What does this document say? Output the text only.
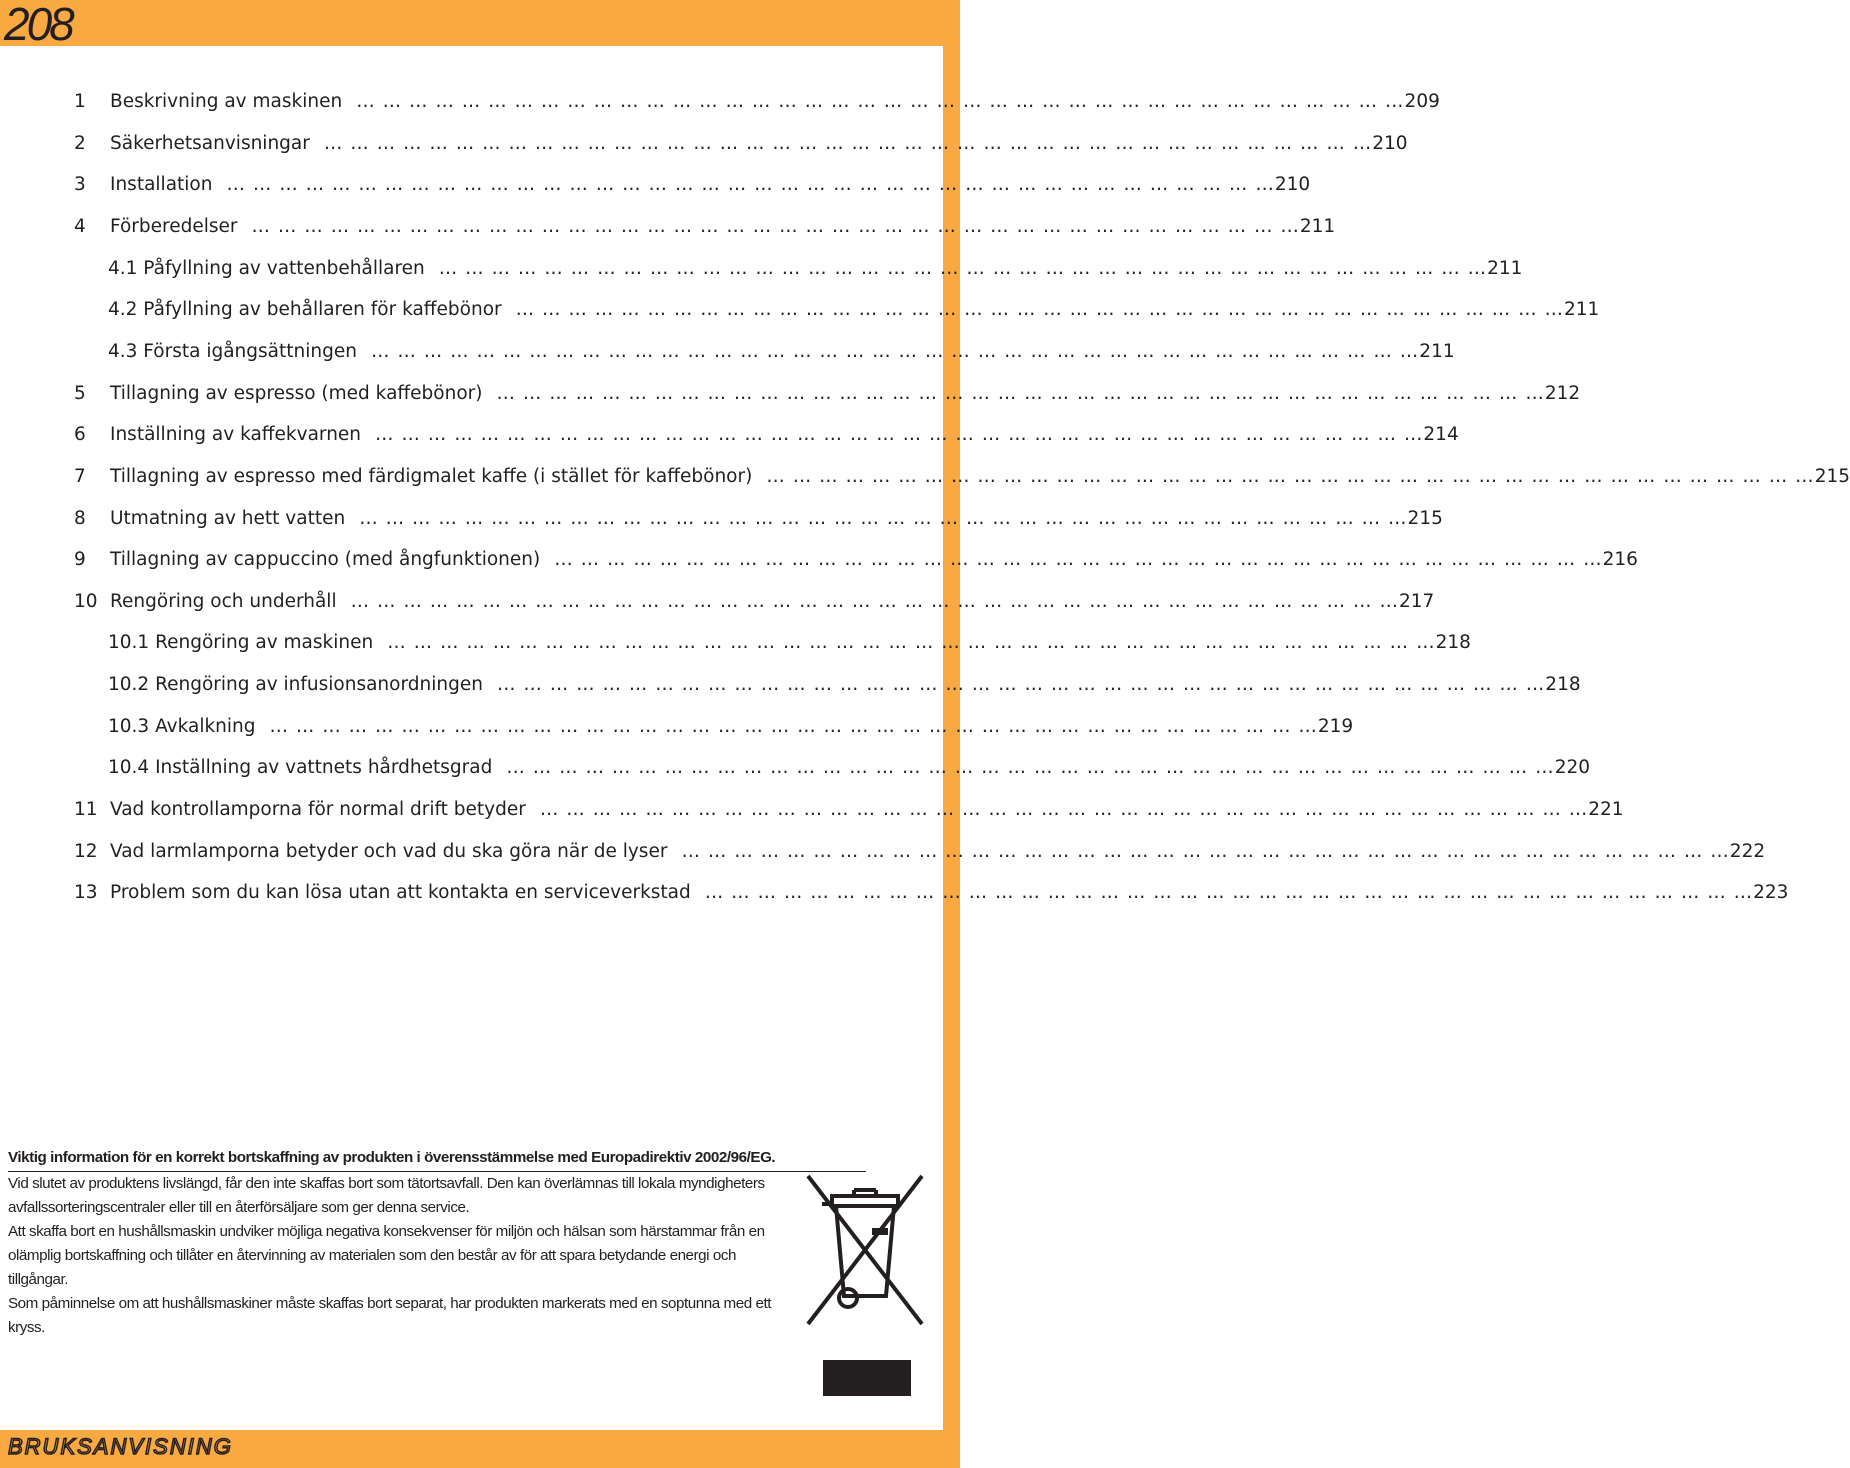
208
1	Beskrivning av maskinen … … … … … … … … … … … … … … … … … … … … … … … … … … … … … … … … … … … … … … … … 209
2	Säkerhetsanvisningar … … … … … … … … … … … … … … … … … … … … … … … … … … … … … … … … … … … … … … … … 210
3	Installation … … … … … … … … … … … … … … … … … … … … … … … … … … … … … … … … … … … … … … … … 210
4	Förberedelser … … … … … … … … … … … … … … … … … … … … … … … … … … … … … … … … … … … … … … … … 211
4.1 Påfyllning av vattenbehållaren … … … … … … … … … … … … … … … … … … … … … … … … … … … … … … … … … … … … … … … … 211
4.2 Påfyllning av behållaren för kaffebönor … … … … … … … … … … … … … … … … … … … … … … … … … … … … … … … … … … … … … … … … 211
4.3 Första igångsättningen … … … … … … … … … … … … … … … … … … … … … … … … … … … … … … … … … … … … … … … … 211
5	Tillagning av espresso (med kaffebönor) … … … … … … … … … … … … … … … … … … … … … … … … … … … … … … … … … … … … … … … … 212
6	Inställning av kaffekvarnen … … … … … … … … … … … … … … … … … … … … … … … … … … … … … … … … … … … … … … … … 214
7	Tillagning av espresso med färdigmalet kaffe (i stället för kaffebönor) … … … … … … … … … … … … … … … … … … … … … … … … … … … … … … … … … … … … … … … … 215
8	Utmatning av hett vatten … … … … … … … … … … … … … … … … … … … … … … … … … … … … … … … … … … … … … … … … 215
9	Tillagning av cappuccino (med ångfunktionen) … … … … … … … … … … … … … … … … … … … … … … … … … … … … … … … … … … … … … … … … 216
10 Rengöring och underhåll … … … … … … … … … … … … … … … … … … … … … … … … … … … … … … … … … … … … … … … … 217
10.1 Rengöring av maskinen … … … … … … … … … … … … … … … … … … … … … … … … … … … … … … … … … … … … … … … … 218
10.2 Rengöring av infusionsanordningen … … … … … … … … … … … … … … … … … … … … … … … … … … … … … … … … … … … … … … … … 218
10.3 Avkalkning … … … … … … … … … … … … … … … … … … … … … … … … … … … … … … … … … … … … … … … … 219
10.4 Inställning av vattnets hårdhetsgrad … … … … … … … … … … … … … … … … … … … … … … … … … … … … … … … … … … … … … … … … 220
11 Vad kontrollamporna för normal drift betyder … … … … … … … … … … … … … … … … … … … … … … … … … … … … … … … … … … … … … … … … 221
12 Vad larmlamporna betyder och vad du ska göra när de lyser … … … … … … … … … … … … … … … … … … … … … … … … … … … … … … … … … … … … … … … … 222
13 Problem som du kan lösa utan att kontakta en serviceverkstad … … … … … … … … … … … … … … … … … … … … … … … … … … … … … … … … … … … … … … … … 223
Viktig information för en korrekt bortskaffning av produkten i överensstämmelse med Europadirektiv 2002/96/EG.

Vid slutet av produktens livslängd, får den inte skaffas bort som tätortsavfall. Den kan överlämnas till lokala myndigheters avfallssorteringscentraler eller till en återförsäljare som ger denna service.

Att skaffa bort en hushållsmaskin undviker möjliga negativa konsekvenser för miljön och hälsan som härstammar från en olämplig bortskaffning och tillåter en återvinning av materialen som den består av för att spara betydande energi och tillgångar.

Som påminnelse om att hushållsmaskiner måste skaffas bort separat, har produkten markerats med en soptunna med ett kryss.

BRUKSANVISNING
